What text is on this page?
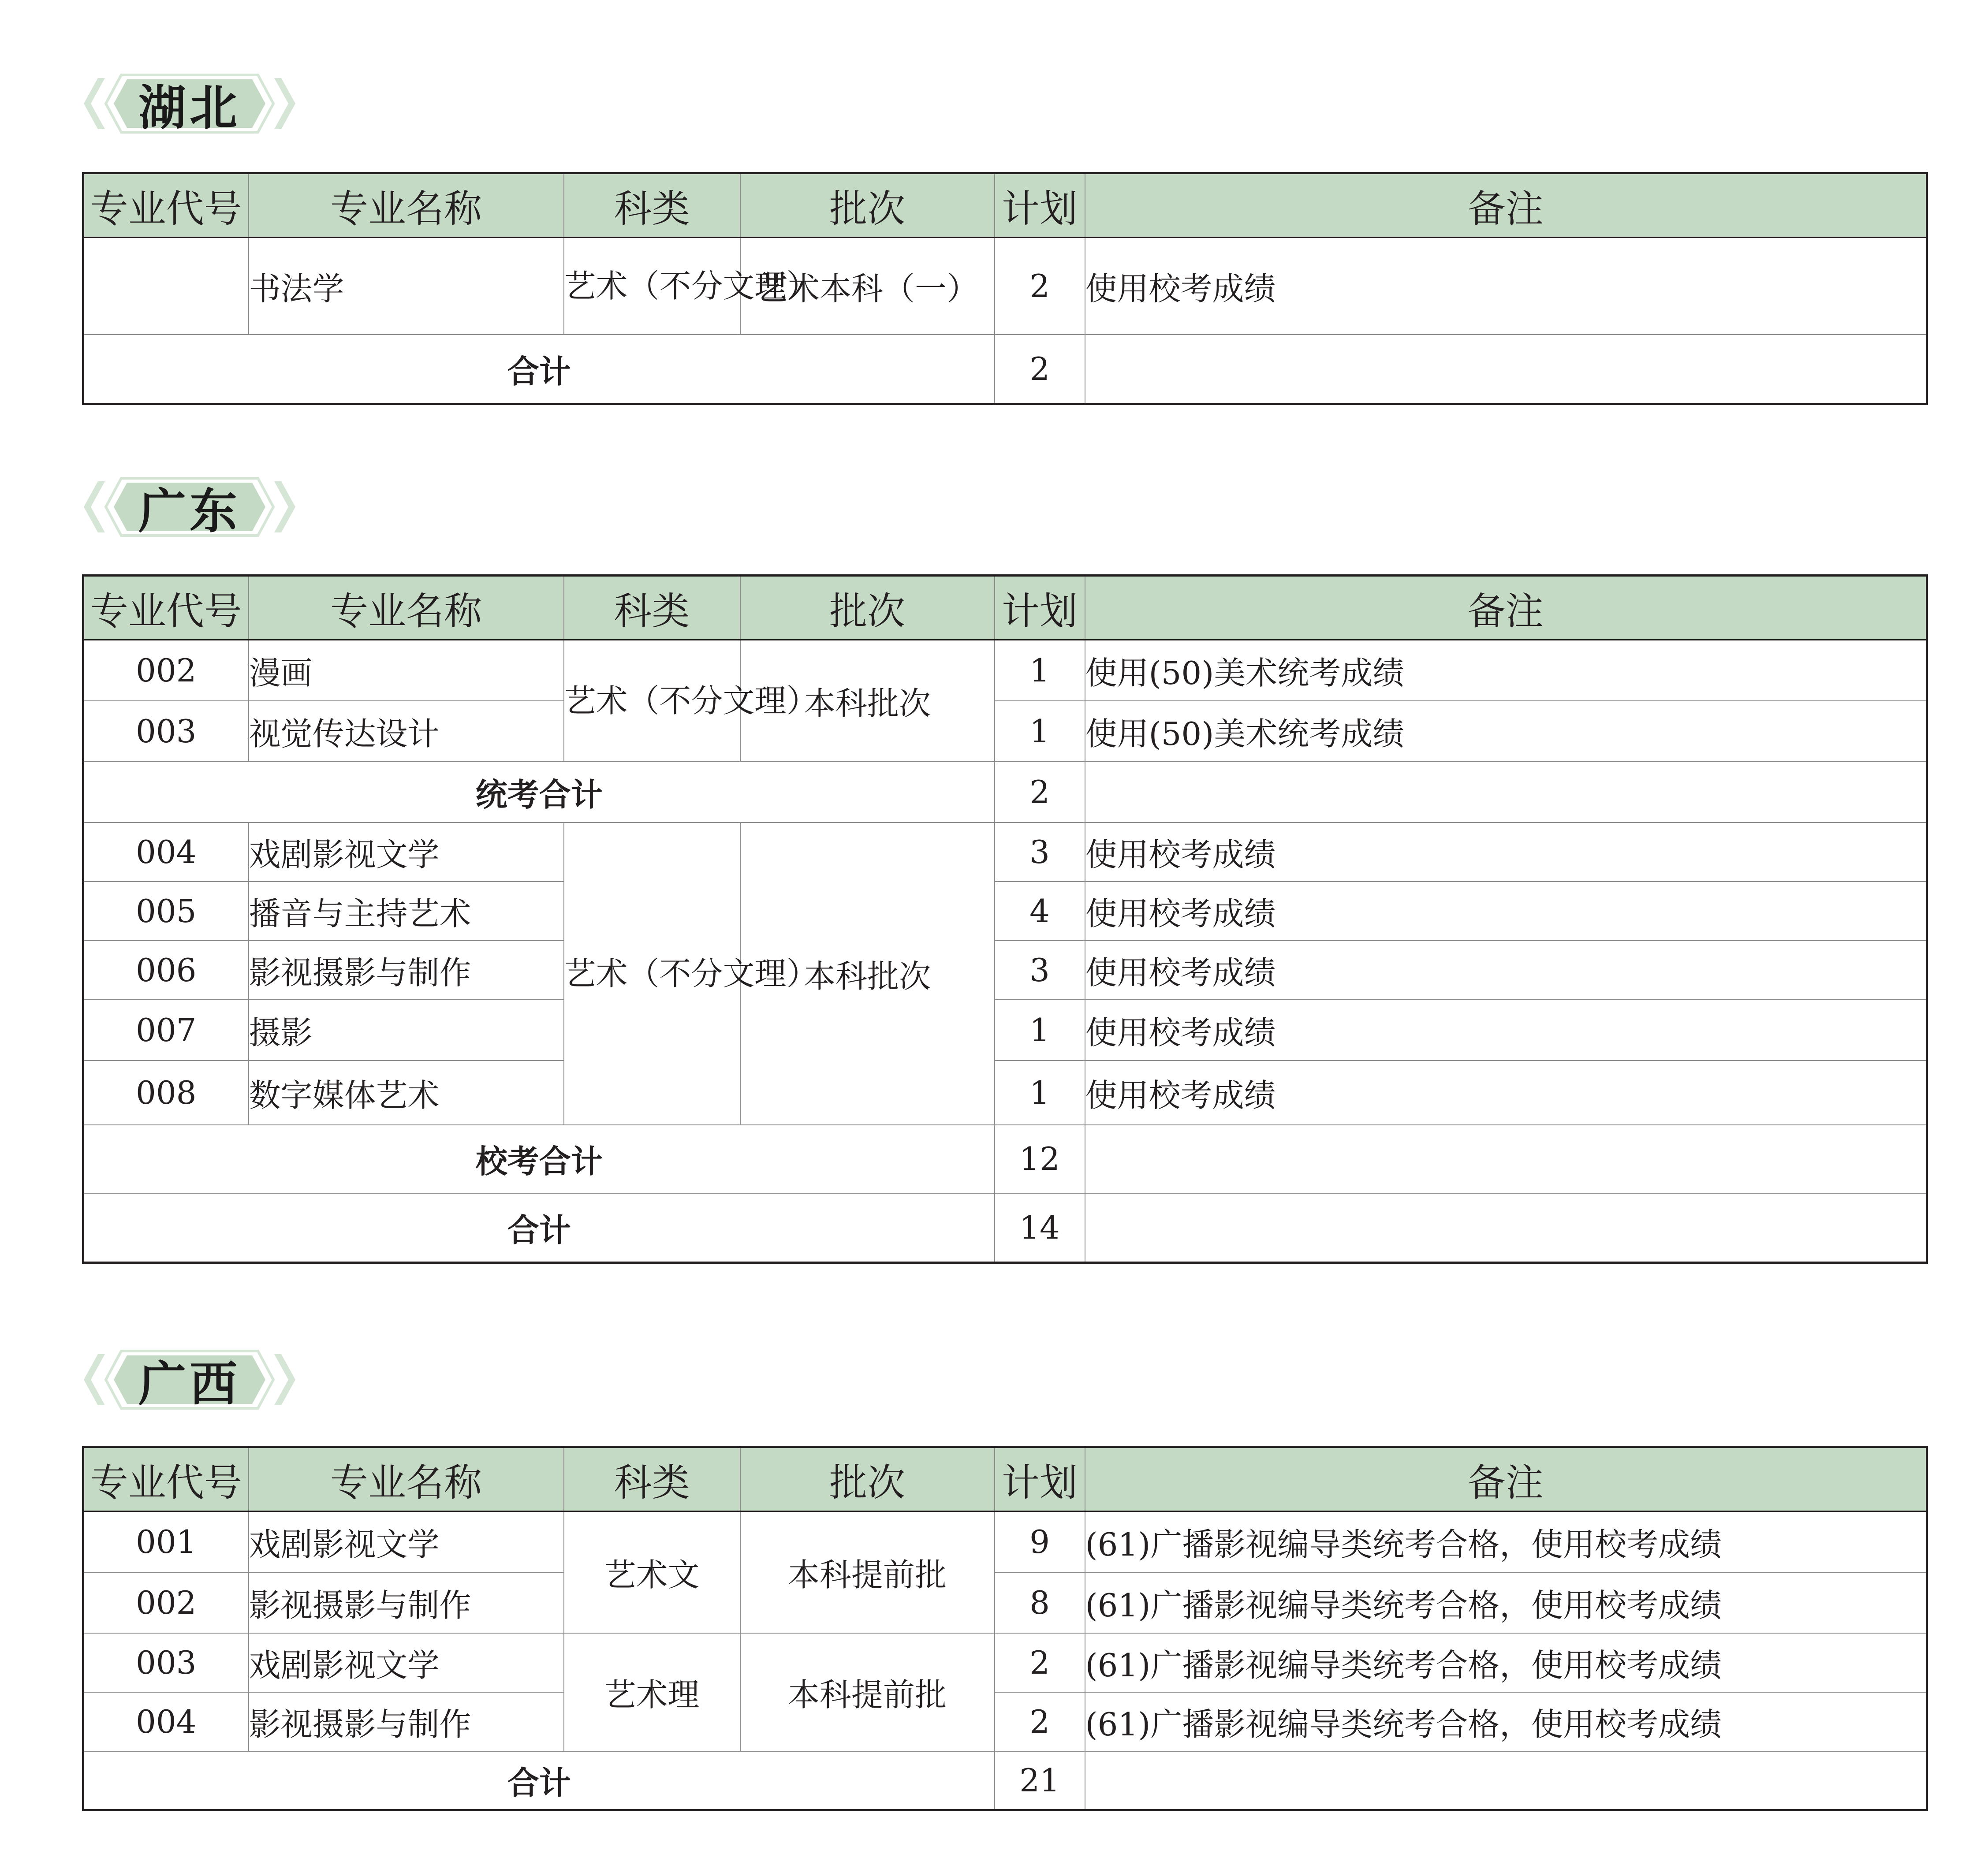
湖北
专业代号	专业名称	科类	批次	计划	备注
	书法学	艺术（不分文理）	艺术本科（一）	2	使用校考成绩
合计				2	
广东
专业代号	专业名称	科类	批次	计划	备注
002	漫画	艺术（不分文理）	本科批次	1	使用(50)美术统考成绩
003	视觉传达设计			1	使用(50)美术统考成绩
统考合计				2	
004	戏剧影视文学	艺术（不分文理）	本科批次	3	使用校考成绩
005	播音与主持艺术			4	使用校考成绩
006	影视摄影与制作			3	使用校考成绩
007	摄影			1	使用校考成绩
008	数字媒体艺术			1	使用校考成绩
校考合计				12	
合计				14	
广西
专业代号	专业名称	科类	批次	计划	备注
001	戏剧影视文学	艺术文	本科提前批	9	(61)广播影视编导类统考合格，使用校考成绩
002	影视摄影与制作			8	(61)广播影视编导类统考合格，使用校考成绩
003	戏剧影视文学	艺术理	本科提前批	2	(61)广播影视编导类统考合格，使用校考成绩
004	影视摄影与制作			2	(61)广播影视编导类统考合格，使用校考成绩
合计				21	
